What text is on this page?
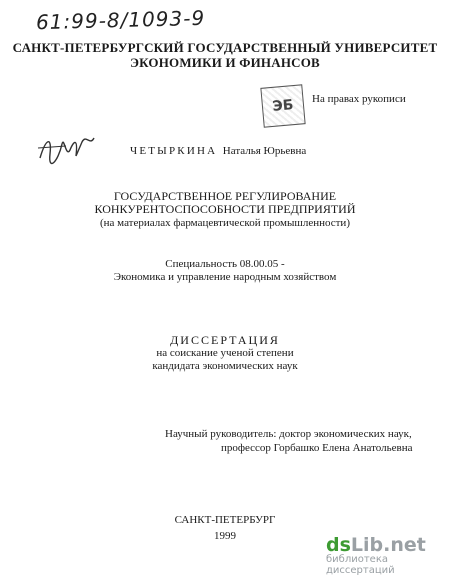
61:99-8/1093-9
САНКТ-ПЕТЕРБУРГСКИЙ ГОСУДАРСТВЕННЫЙ УНИВЕРСИТЕТ
ЭКОНОМИКИ И ФИНАНСОВ
ЭБ На правах рукописи
ЧЕТЫРКИНА Наталья Юрьевна
ГОСУДАРСТВЕННОЕ РЕГУЛИРОВАНИЕ
КОНКУРЕНТОСПОСОБНОСТИ ПРЕДПРИЯТИЙ
(на материалах фармацевтической промышленности)
Специальность 08.00.05 -
Экономика и управление народным хозяйством
ДИССЕРТАЦИЯ
на соискание ученой степени
кандидата экономических наук
Научный руководитель: доктор экономических наук,
профессор Горбашко Елена Анатольевна
САНКТ-ПЕТЕРБУРГ
1999	dsLib.net
библиотека диссертаций
